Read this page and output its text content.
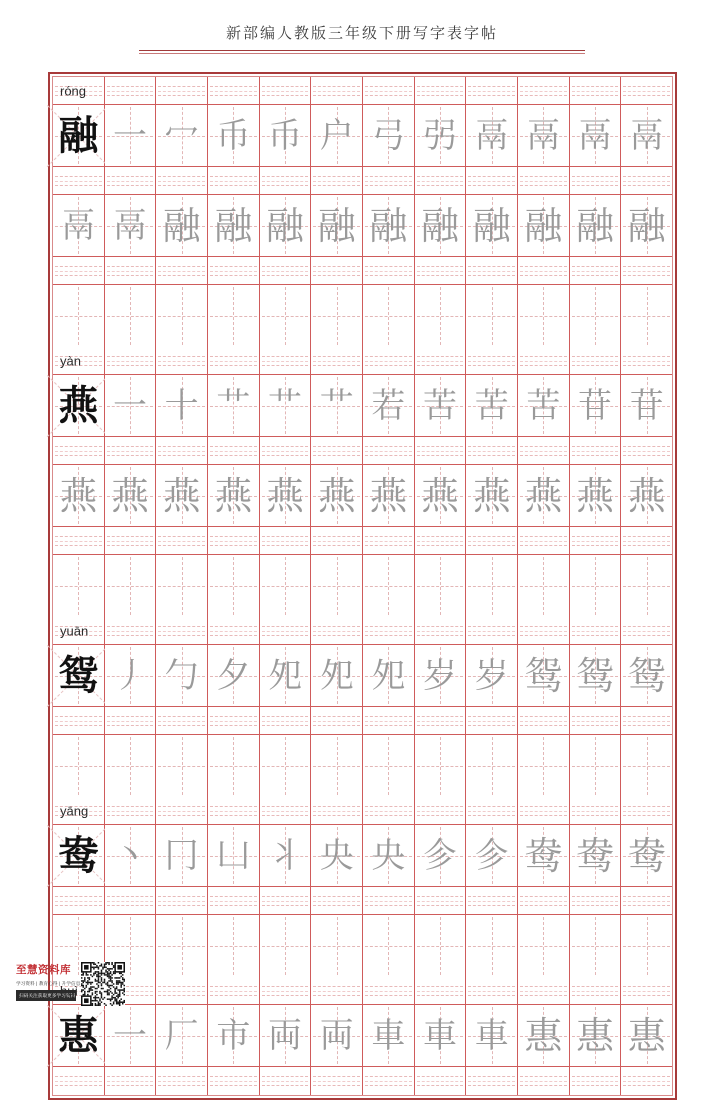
新部编人教版三年级下册写字表字帖
róng
融 一 冖 币 币 户 弓 弜 鬲 鬲 鬲 鬲
鬲 鬲 融 融 融 融 融 融 融 融 融 融
yàn
燕 一 十 艹 艹 艹 若 苦 苦 苦 苷 苷
燕 燕 燕 燕 燕 燕 燕 燕 燕 燕 燕 燕
yuān
鸳 丿 勹 夕 夗 夗 夗 岁 岁 鸳 鸳 鸳
yāng
鸯 丶 冂 凵 丬 央 央 㐱 㐱 鸯 鸯 鸯
huì
惠 一 厂 市 両 両 車 車 車 惠 惠 惠
至慧资料库
学习资料 | 教育心得 | 升学信息
扫码关注获取更多学习资料
